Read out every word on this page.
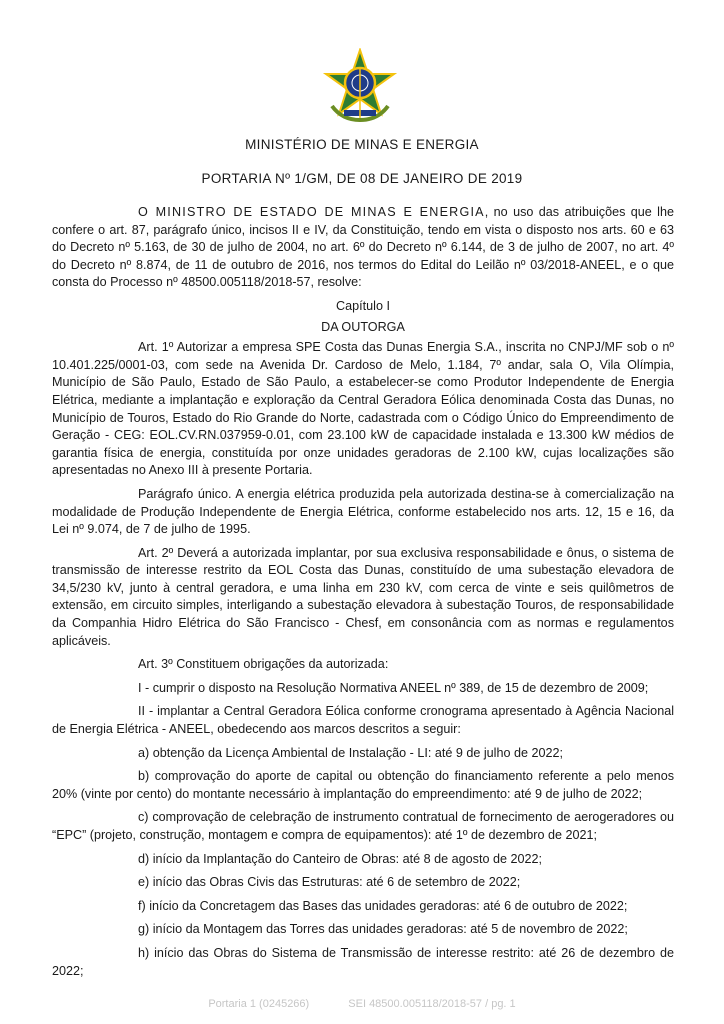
MINISTÉRIO DE MINAS E ENERGIA
PORTARIA Nº 1/GM, DE 08 DE JANEIRO DE 2019

O MINISTRO DE ESTADO DE MINAS E ENERGIA, no uso das atribuições que lhe confere o art. 87, parágrafo único, incisos II e IV, da Constituição, tendo em vista o disposto nos arts. 60 e 63 do Decreto nº 5.163, de 30 de julho de 2004, no art. 6º do Decreto nº 6.144, de 3 de julho de 2007, no art. 4º do Decreto nº 8.874, de 11 de outubro de 2016, nos termos do Edital do Leilão nº 03/2018-ANEEL, e o que consta do Processo nº 48500.005118/2018-57, resolve:

Capítulo I

DA OUTORGA

Art. 1º Autorizar a empresa SPE Costa das Dunas Energia S.A., inscrita no CNPJ/MF sob o nº 10.401.225/0001-03, com sede na Avenida Dr. Cardoso de Melo, 1.184, 7º andar, sala O, Vila Olímpia, Município de São Paulo, Estado de São Paulo, a estabelecer-se como Produtor Independente de Energia Elétrica, mediante a implantação e exploração da Central Geradora Eólica denominada Costa das Dunas, no Município de Touros, Estado do Rio Grande do Norte, cadastrada com o Código Único do Empreendimento de Geração - CEG: EOL.CV.RN.037959-0.01, com 23.100 kW de capacidade instalada e 13.300 kW médios de garantia física de energia, constituída por onze unidades geradoras de 2.100 kW, cujas localizações são apresentadas no Anexo III à presente Portaria.

Parágrafo único. A energia elétrica produzida pela autorizada destina-se à comercialização na modalidade de Produção Independente de Energia Elétrica, conforme estabelecido nos arts. 12, 15 e 16, da Lei nº 9.074, de 7 de julho de 1995.

Art. 2º Deverá a autorizada implantar, por sua exclusiva responsabilidade e ônus, o sistema de transmissão de interesse restrito da EOL Costa das Dunas, constituído de uma subestação elevadora de 34,5/230 kV, junto à central geradora, e uma linha em 230 kV, com cerca de vinte e seis quilômetros de extensão, em circuito simples, interligando a subestação elevadora à subestação Touros, de responsabilidade da Companhia Hidro Elétrica do São Francisco - Chesf, em consonância com as normas e regulamentos aplicáveis.

Art. 3º Constituem obrigações da autorizada:

I - cumprir o disposto na Resolução Normativa ANEEL nº 389, de 15 de dezembro de 2009;

II - implantar a Central Geradora Eólica conforme cronograma apresentado à Agência Nacional de Energia Elétrica - ANEEL, obedecendo aos marcos descritos a seguir:

a) obtenção da Licença Ambiental de Instalação - LI: até 9 de julho de 2022;

b) comprovação do aporte de capital ou obtenção do financiamento referente a pelo menos 20% (vinte por cento) do montante necessário à implantação do empreendimento: até 9 de julho de 2022;

c) comprovação de celebração de instrumento contratual de fornecimento de aerogeradores ou “EPC” (projeto, construção, montagem e compra de equipamentos): até 1º de dezembro de 2021;

d) início da Implantação do Canteiro de Obras: até 8 de agosto de 2022;

e) início das Obras Civis das Estruturas: até 6 de setembro de 2022;

f) início da Concretagem das Bases das unidades geradoras: até 6 de outubro de 2022;

g) início da Montagem das Torres das unidades geradoras: até 5 de novembro de 2022;

h) início das Obras do Sistema de Transmissão de interesse restrito: até 26 de dezembro de 2022;

Portaria 1 (0245266)	SEI 48500.005118/2018-57 / pg. 1
